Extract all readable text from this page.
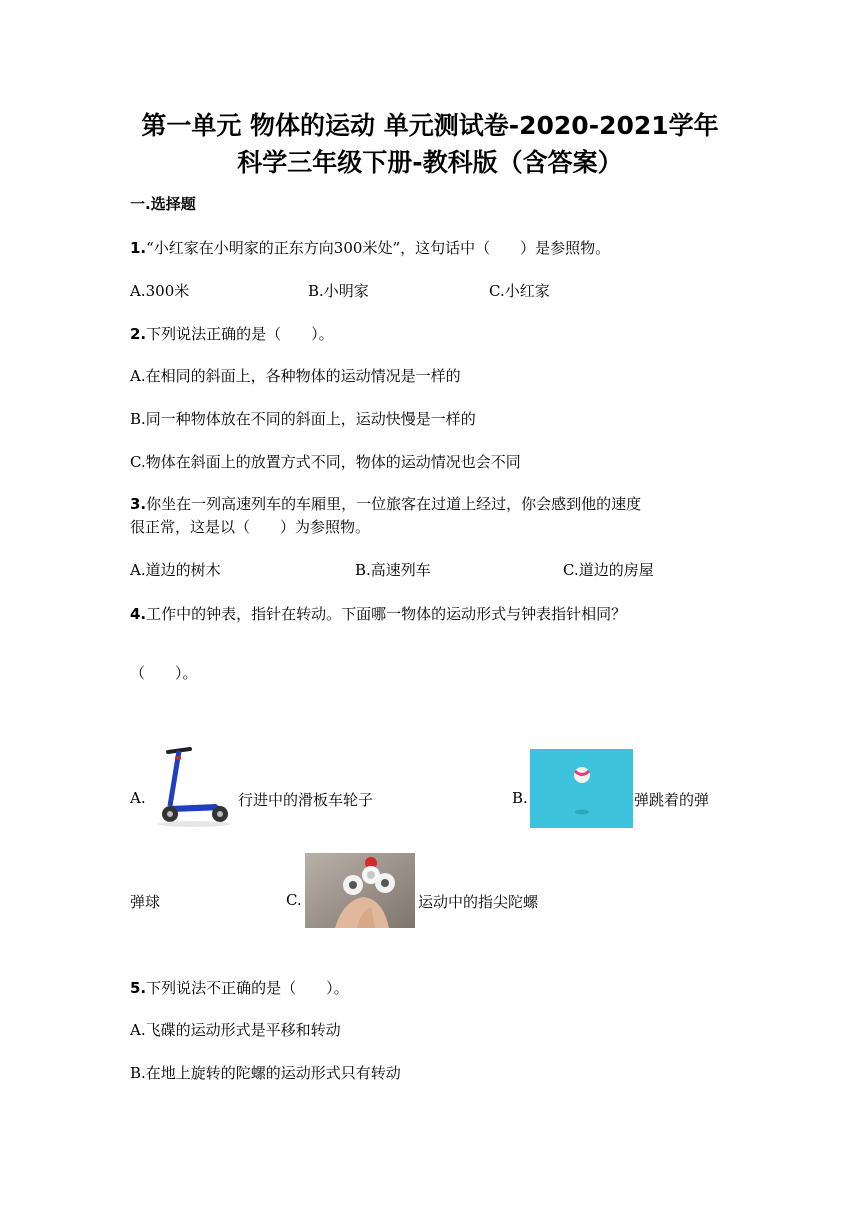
第一单元 物体的运动 单元测试卷-2020-2021学年
科学三年级下册-教科版（含答案）
一.选择题
1.“小红家在小明家的正东方向300米处”，这句话中（　　）是参照物。
A.300米	B.小明家	C.小红家
2.下列说法正确的是（　　）。
A.在相同的斜面上，各种物体的运动情况是一样的
B.同一种物体放在不同的斜面上，运动快慢是一样的
C.物体在斜面上的放置方式不同，物体的运动情况也会不同
3.你坐在一列高速列车的车厢里，一位旅客在过道上经过，你会感到他的速度
很正常，这是以（　　）为参照物。
A.道边的树木	B.高速列车	C.道边的房屋
4.工作中的钟表，指针在转动。下面哪一物体的运动形式与钟表指针相同？
（　　）。
A.	行进中的滑板车轮子	B.	弹跳着的弹
弹球	C.	运动中的指尖陀螺
5.下列说法不正确的是（　　）。
A.飞碟的运动形式是平移和转动
B.在地上旋转的陀螺的运动形式只有转动
